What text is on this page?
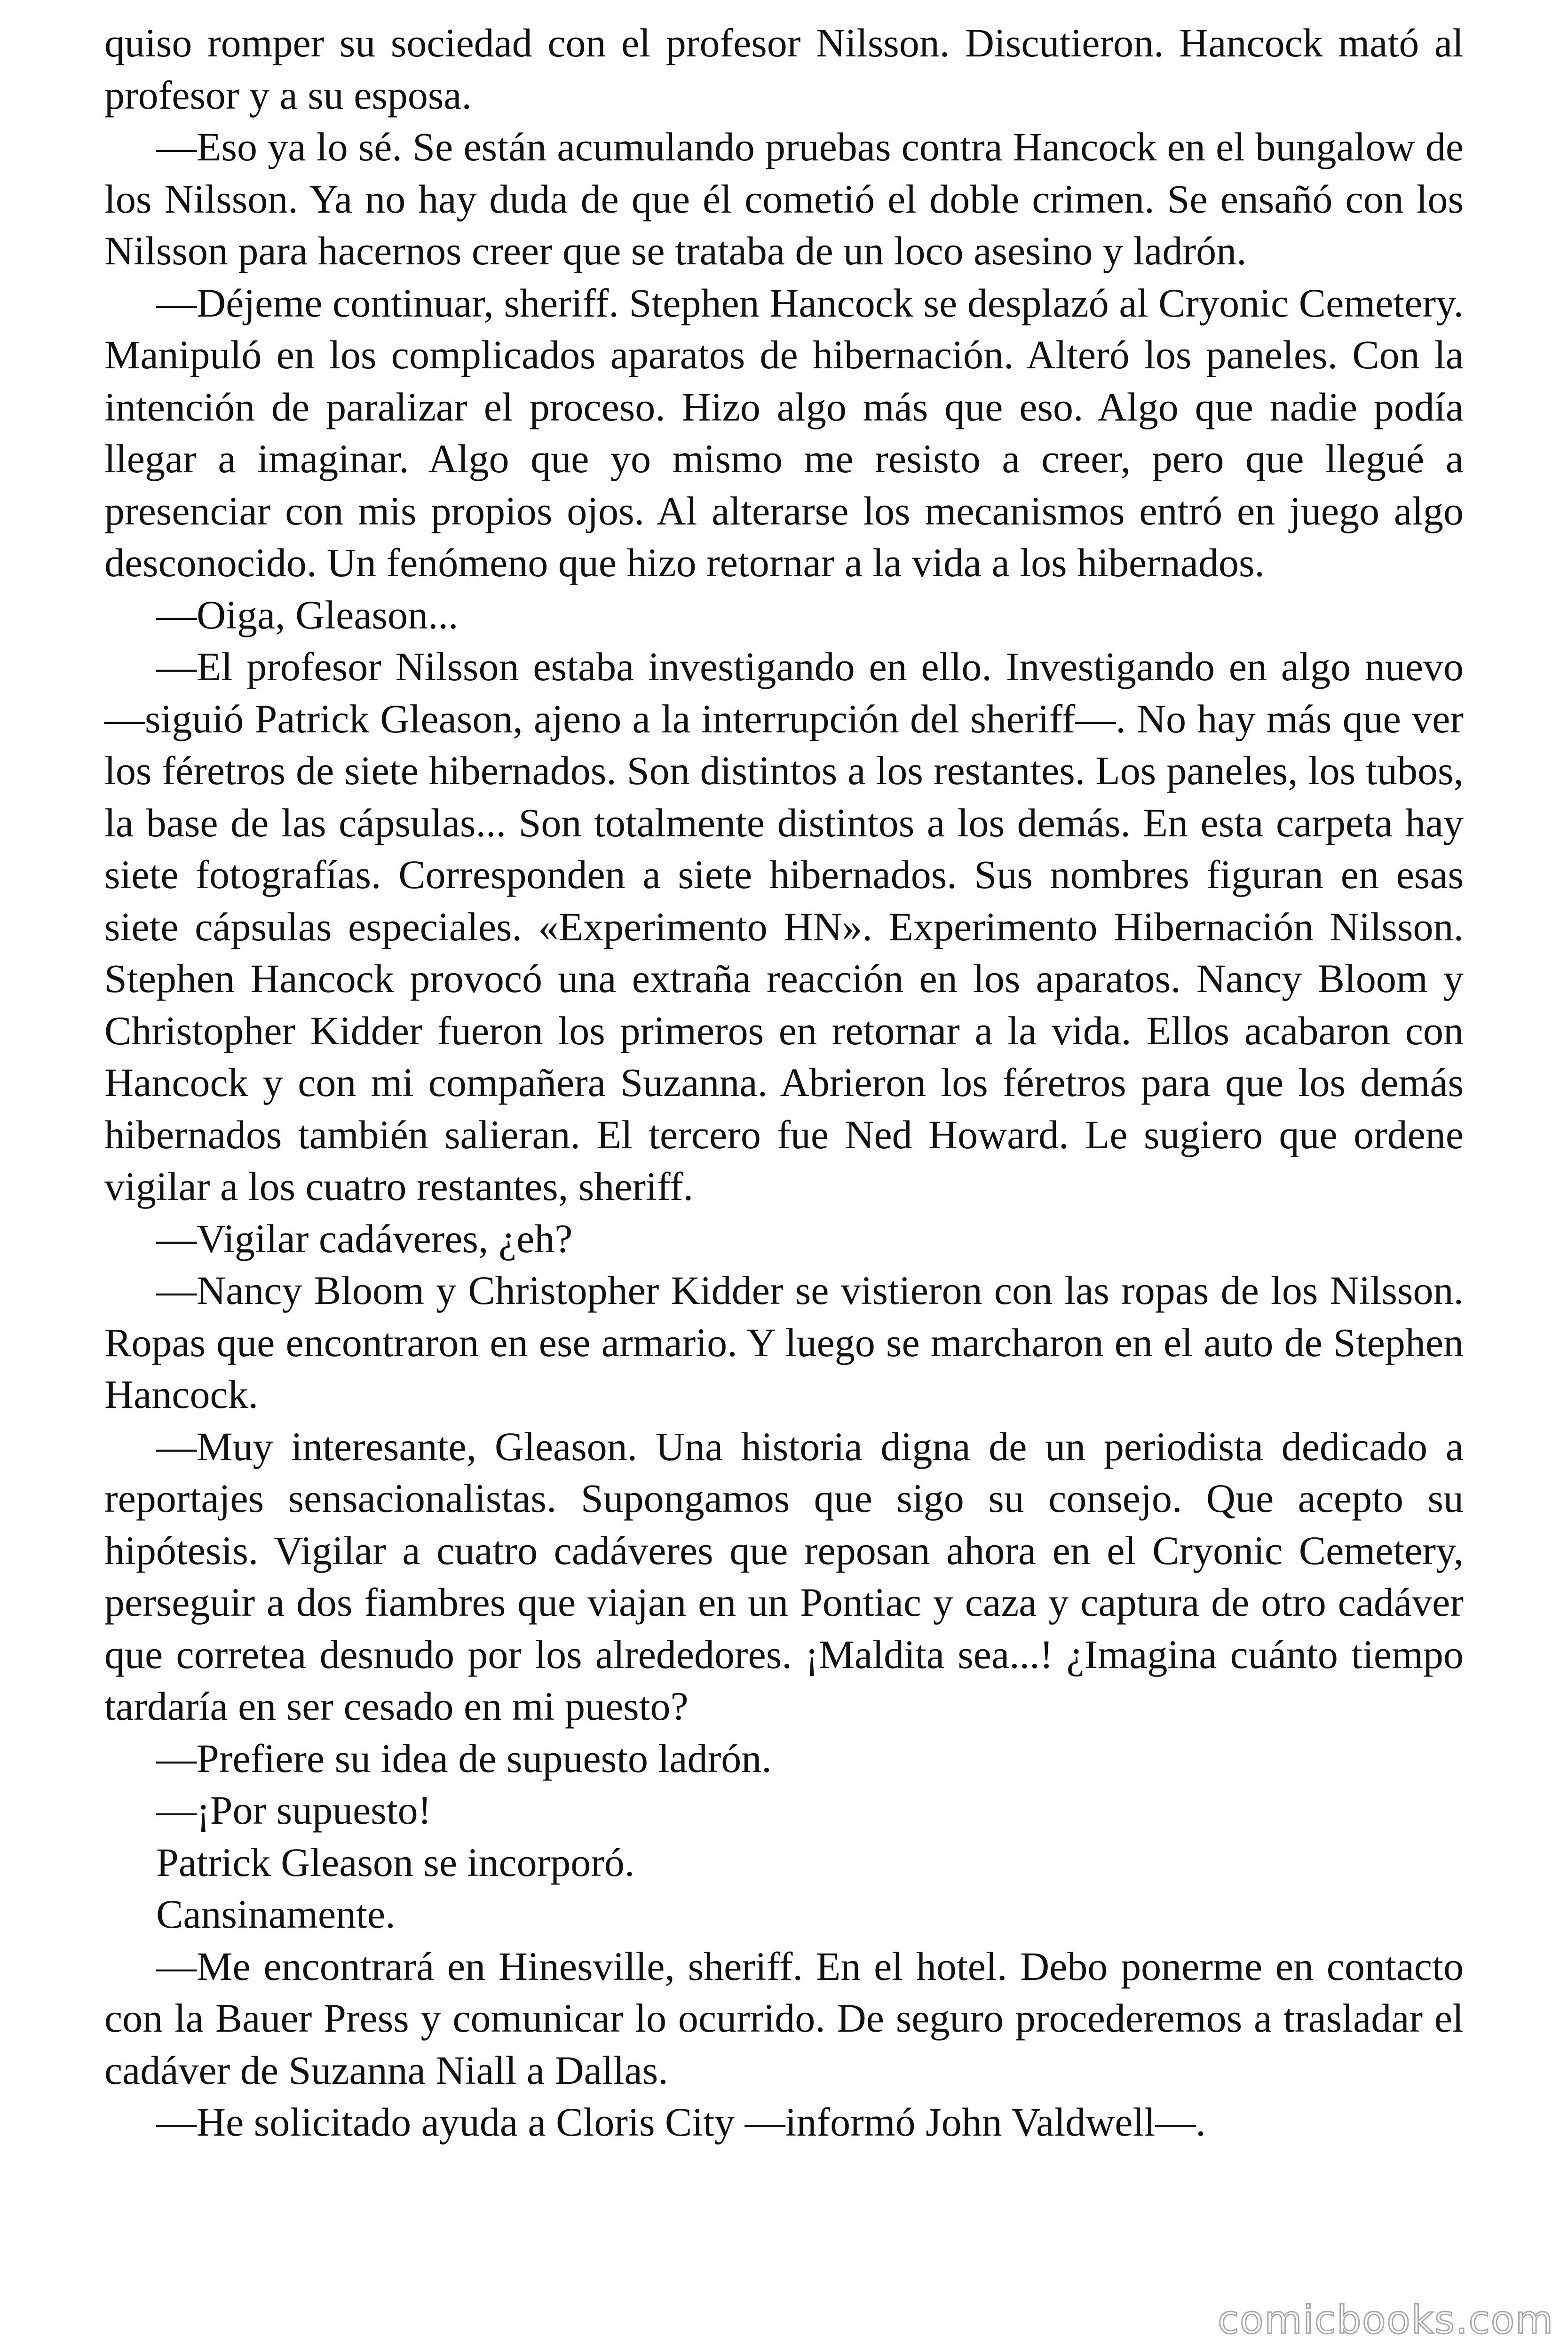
quiso romper su sociedad con el profesor Nilsson. Discutieron. Hancock mató al profesor y a su esposa.

—Eso ya lo sé. Se están acumulando pruebas contra Hancock en el bungalow de los Nilsson. Ya no hay duda de que él cometió el doble crimen. Se ensañó con los Nilsson para hacernos creer que se trataba de un loco asesino y ladrón.

—Déjeme continuar, sheriff. Stephen Hancock se desplazó al Cryonic Cemetery. Manipuló en los complicados aparatos de hibernación. Alteró los paneles. Con la intención de paralizar el proceso. Hizo algo más que eso. Algo que nadie podía llegar a imaginar. Algo que yo mismo me resisto a creer, pero que llegué a presenciar con mis propios ojos. Al alterarse los mecanismos entró en juego algo desconocido. Un fenómeno que hizo retornar a la vida a los hibernados.

—Oiga, Gleason...

—El profesor Nilsson estaba investigando en ello. Investigando en algo nuevo —siguió Patrick Gleason, ajeno a la interrupción del sheriff—. No hay más que ver los féretros de siete hibernados. Son distintos a los restantes. Los paneles, los tubos, la base de las cápsulas... Son totalmente distintos a los demás. En esta carpeta hay siete fotografías. Corresponden a siete hibernados. Sus nombres figuran en esas siete cápsulas especiales. «Experimento HN». Experimento Hibernación Nilsson. Stephen Hancock provocó una extraña reacción en los aparatos. Nancy Bloom y Christopher Kidder fueron los primeros en retornar a la vida. Ellos acabaron con Hancock y con mi compañera Suzanna. Abrieron los féretros para que los demás hibernados también salieran. El tercero fue Ned Howard. Le sugiero que ordene vigilar a los cuatro restantes, sheriff.

—Vigilar cadáveres, ¿eh?

—Nancy Bloom y Christopher Kidder se vistieron con las ropas de los Nilsson. Ropas que encontraron en ese armario. Y luego se marcharon en el auto de Stephen Hancock.

—Muy interesante, Gleason. Una historia digna de un periodista dedicado a reportajes sensacionalistas. Supongamos que sigo su consejo. Que acepto su hipótesis. Vigilar a cuatro cadáveres que reposan ahora en el Cryonic Cemetery, perseguir a dos fiambres que viajan en un Pontiac y caza y captura de otro cadáver que corretea desnudo por los alrededores. ¡Maldita sea...! ¿Imagina cuánto tiempo tardaría en ser cesado en mi puesto?

—Prefiere su idea de supuesto ladrón.

—¡Por supuesto!

Patrick Gleason se incorporó.

Cansinamente.

—Me encontrará en Hinesville, sheriff. En el hotel. Debo ponerme en contacto con la Bauer Press y comunicar lo ocurrido. De seguro procederemos a trasladar el cadáver de Suzanna Niall a Dallas.

—He solicitado ayuda a Cloris City —informó John Valdwell—.

comicbooks.com
